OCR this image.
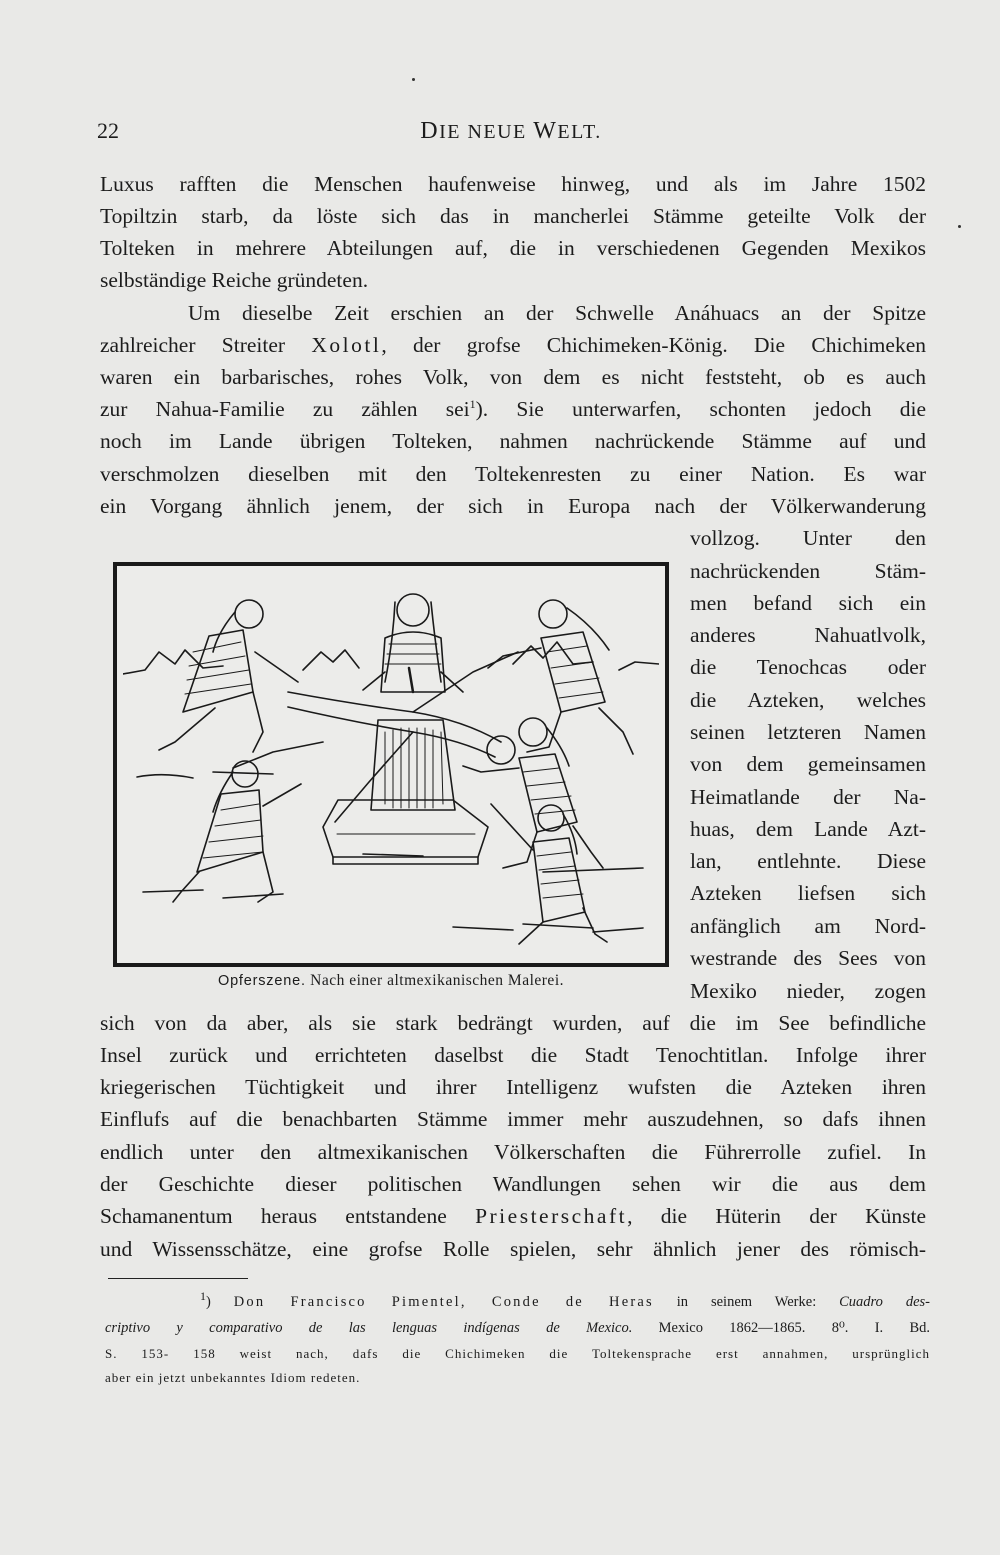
22	DIE NEUE WELT.
Luxus rafften die Menschen haufenweise hinweg, und als im Jahre 1502
Topiltzin starb, da löste sich das in mancherlei Stämme geteilte Volk der
Tolteken in mehrere Abteilungen auf, die in verschiedenen Gegenden Mexikos
selbständige Reiche gründeten.
Um dieselbe Zeit erschien an der Schwelle Anáhuacs an der Spitze
zahlreicher Streiter Xolotl, der grofse Chichimeken-König. Die Chichimeken
waren ein barbarisches, rohes Volk, von dem es nicht feststeht, ob es auch
zur Nahua-Familie zu zählen sei$^1$). Sie unterwarfen, schonten jedoch die
noch im Lande übrigen Tolteken, nahmen nachrückende Stämme auf und
verschmolzen dieselben mit den Toltekenresten zu einer Nation. Es war
ein Vorgang ähnlich jenem, der sich in Europa nach der Völkerwanderung
vollzog. Unter den
nachrückenden Stäm-
men befand sich ein
anderes Nahuatlvolk,
die Tenochcas oder
die Azteken, welches
seinen letzteren Namen
von dem gemeinsamen
Heimatlande der Na-
huas, dem Lande Azt-
lan, entlehnte. Diese
Azteken liefsen sich
anfänglich am Nord-
westrande des Sees von
Mexiko nieder, zogen
Opferszene. Nach einer altmexikanischen Malerei.
sich von da aber, als sie stark bedrängt wurden, auf die im See befindliche
Insel zurück und errichteten daselbst die Stadt Tenochtitlan. Infolge ihrer
kriegerischen Tüchtigkeit und ihrer Intelligenz wufsten die Azteken ihren
Einflufs auf die benachbarten Stämme immer mehr auszudehnen, so dafs ihnen
endlich unter den altmexikanischen Völkerschaften die Führerrolle zufiel. In
der Geschichte dieser politischen Wandlungen sehen wir die aus dem
Schamanentum heraus entstandene Priesterschaft, die Hüterin der Künste
und Wissensschätze, eine grofse Rolle spielen, sehr ähnlich jener des römisch-
$^1$) Don Francisco Pimentel, Conde de Heras in seinem Werke: Cuadro des-
criptivo y comparativo de las lenguas indígenas de Mexico. Mexico 1862—1865. 8⁰. I. Bd.
S. 153- 158 weist nach, dafs die Chichimeken die Toltekensprache erst annahmen, ursprünglich
aber ein jetzt unbekanntes Idiom redeten.
